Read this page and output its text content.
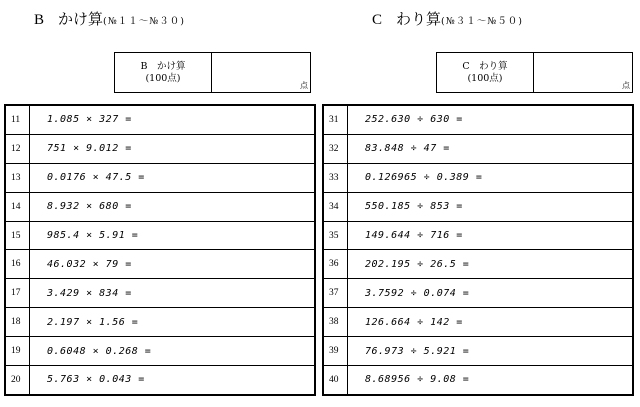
B かけ算(№１１～№３０)	C わり算(№３１～№５０)
B　かけ算
(100点)
点
C　わり算
(100点)
点
11	1.085 × 327 =
12	751 × 9.012 =
13	0.0176 × 47.5 =
14	8.932 × 680 =
15	985.4 × 5.91 =
16	46.032 × 79 =
17	3.429 × 834 =
18	2.197 × 1.56 =
19	0.6048 × 0.268 =
20	5.763 × 0.043 =
31	252.630 ÷ 630 =
32	83.848 ÷ 47 =
33	0.126965 ÷ 0.389 =
34	550.185 ÷ 853 =
35	149.644 ÷ 716 =
36	202.195 ÷ 26.5 =
37	3.7592 ÷ 0.074 =
38	126.664 ÷ 142 =
39	76.973 ÷ 5.921 =
40	8.68956 ÷ 9.08 =
